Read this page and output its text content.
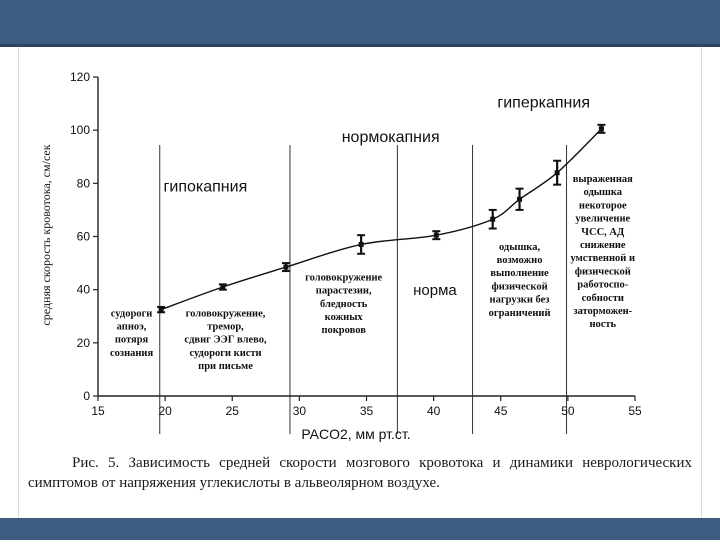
0
20
40
60
80
100
120
15	20	25	30	35	40	45	50	55
гипокапния
нормокапния
гиперкапния
судороги
апноэ,
потяря
сознания
головокружение,
тремор,
сдвиг ЭЭГ влево,
судороги кисти
при письме
головокружение
парастезии,
бледность
кожных
покровов
норма
одышка,
возможно
выполнение
физической
нагрузки без
ограничений
выраженная
одышка
некоторое
увеличение
ЧСС, АД
снижение
умственной и
физической
работоспо-
собности
заторможен-
ность
PACO2, мм рт.ст.
средняя скорость кровотока, см/сек

Рис. 5. Зависимость средней скорости мозгового кровотока и динамики неврологических симптомов от напряжения углекислоты в альвеолярном воздухе.
